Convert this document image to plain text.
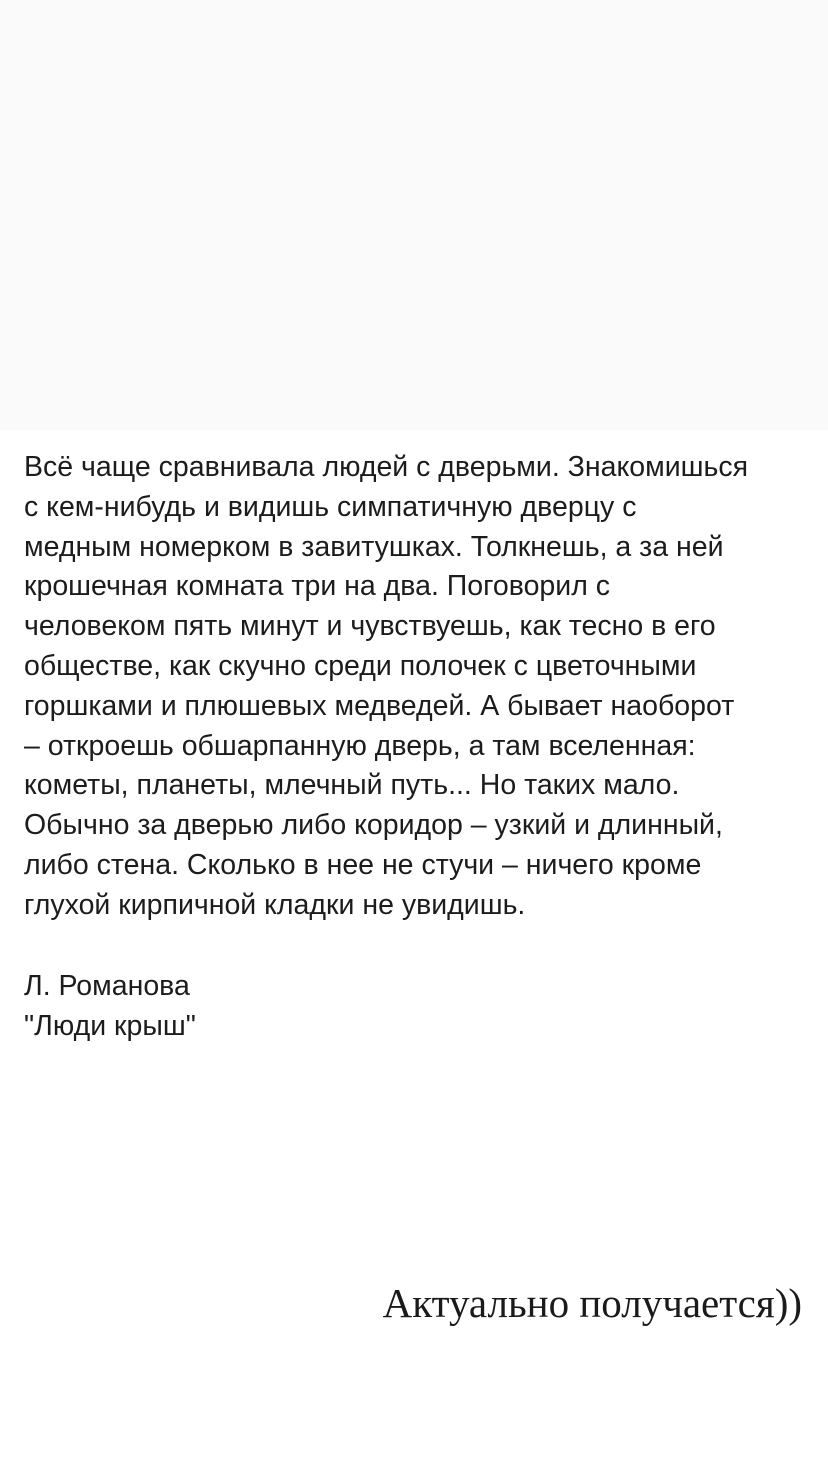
Всё чаще сравнивала людей с дверьми. Знакомишься
с кем-нибудь и видишь симпатичную дверцу с
медным номерком в завитушках. Толкнешь, а за ней
крошечная комната три на два. Поговорил с
человеком пять минут и чувствуешь, как тесно в его
обществе, как скучно среди полочек с цветочными
горшками и плюшевых медведей. А бывает наоборот
– откроешь обшарпанную дверь, а там вселенная:
кометы, планеты, млечный путь... Но таких мало.
Обычно за дверью либо коридор – узкий и длинный,
либо стена. Сколько в нее не стучи – ничего кроме
глухой кирпичной кладки не увидишь.
Л. Романова
"Люди крыш"
Актуально получается))
